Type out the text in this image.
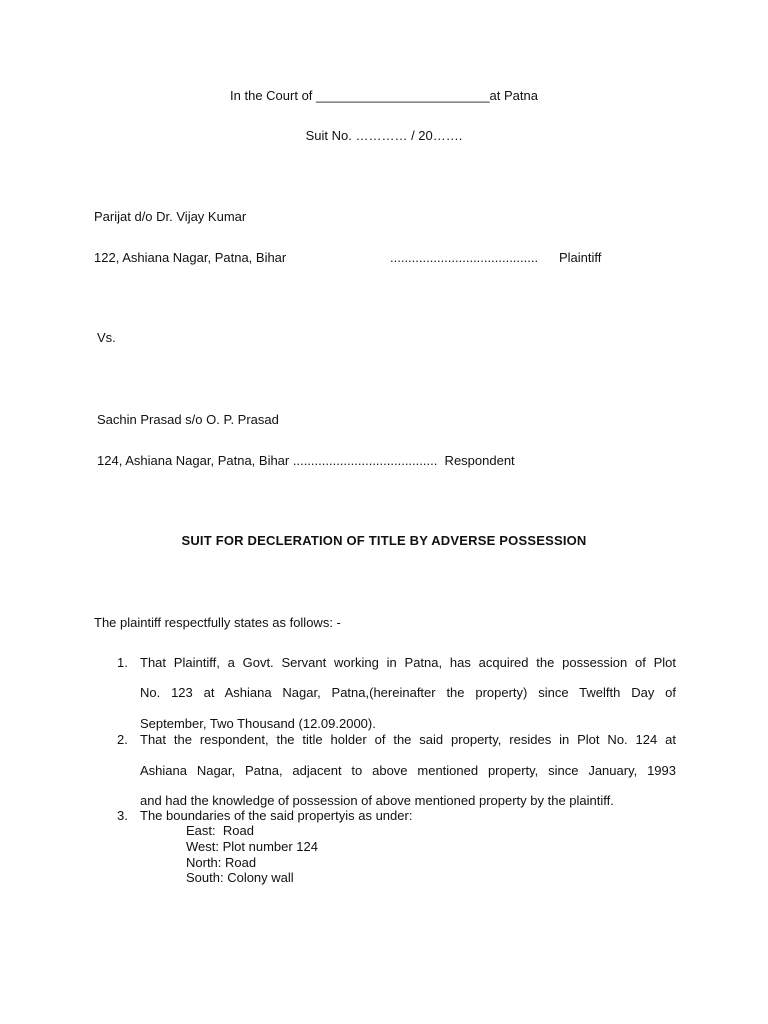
In the Court of ________________________at Patna
Suit No. ………… / 20…….
Parijat d/o Dr. Vijay Kumar
122, Ashiana Nagar, Patna, Bihar	......................................... Plaintiff
Vs.
Sachin Prasad s/o O. P. Prasad
124, Ashiana Nagar, Patna, Bihar ........................................  Respondent
SUIT FOR DECLERATION OF TITLE BY ADVERSE POSSESSION
The plaintiff respectfully states as follows: -
1. That Plaintiff, a Govt. Servant working in Patna, has acquired the possession of Plot
No. 123 at Ashiana Nagar, Patna,(hereinafter the property) since Twelfth Day of
September, Two Thousand (12.09.2000).
2. That the respondent, the title holder of the said property, resides in Plot No. 124 at
Ashiana Nagar, Patna, adjacent to above mentioned property, since January, 1993
and had the knowledge of possession of above mentioned property by the plaintiff.
3. The boundaries of the said propertyis as under:
East:  Road
West: Plot number 124
North: Road
South: Colony wall
